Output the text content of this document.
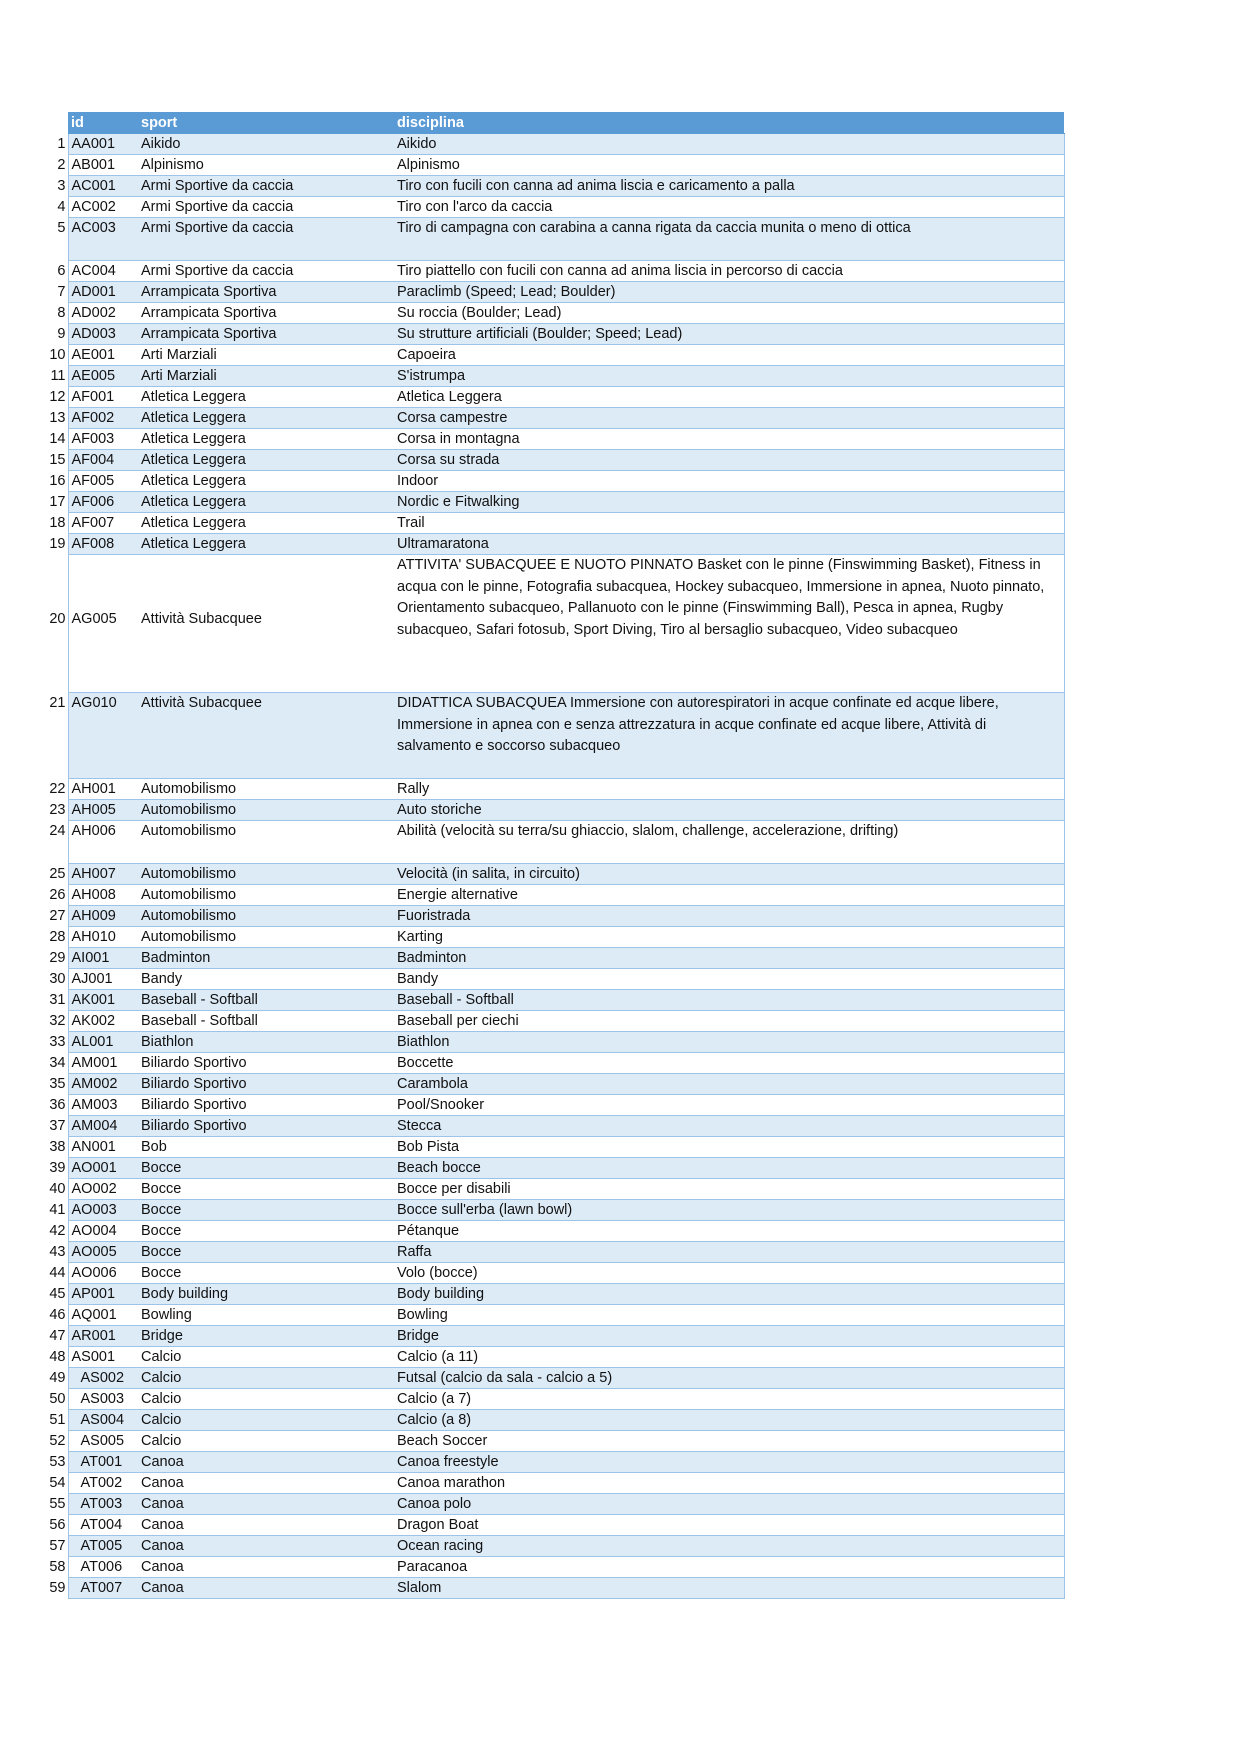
	id	sport	disciplina
1	AA001	Aikido	Aikido
2	AB001	Alpinismo	Alpinismo
3	AC001	Armi Sportive da caccia	Tiro con fucili con canna ad anima liscia e caricamento a palla
4	AC002	Armi Sportive da caccia	Tiro con l'arco da caccia
5	AC003	Armi Sportive da caccia	Tiro di campagna con carabina a canna rigata da caccia munita o meno di ottica
6	AC004	Armi Sportive da caccia	Tiro piattello con fucili con canna ad anima liscia in percorso di caccia
7	AD001	Arrampicata Sportiva	Paraclimb (Speed; Lead; Boulder)
8	AD002	Arrampicata Sportiva	Su roccia (Boulder; Lead)
9	AD003	Arrampicata Sportiva	Su strutture artificiali (Boulder; Speed; Lead)
10	AE001	Arti Marziali	Capoeira
11	AE005	Arti Marziali	S'istrumpa
12	AF001	Atletica Leggera	Atletica Leggera
13	AF002	Atletica Leggera	Corsa campestre
14	AF003	Atletica Leggera	Corsa in montagna
15	AF004	Atletica Leggera	Corsa su strada
16	AF005	Atletica Leggera	Indoor
17	AF006	Atletica Leggera	Nordic e Fitwalking
18	AF007	Atletica Leggera	Trail
19	AF008	Atletica Leggera	Ultramaratona
20	AG005	Attività Subacquee	ATTIVITA' SUBACQUEE E NUOTO PINNATO Basket con le pinne (Finswimming Basket), Fitness in acqua con le pinne, Fotografia subacquea, Hockey subacqueo, Immersione in apnea, Nuoto pinnato, Orientamento subacqueo, Pallanuoto con le pinne (Finswimming Ball), Pesca in apnea, Rugby subacqueo, Safari fotosub, Sport Diving, Tiro al bersaglio subacqueo, Video subacqueo
21	AG010	Attività Subacquee	DIDATTICA SUBACQUEA Immersione con autorespiratori in acque confinate ed acque libere, Immersione in apnea con e senza attrezzatura in acque confinate ed acque libere, Attività di salvamento e soccorso subacqueo
22	AH001	Automobilismo	Rally
23	AH005	Automobilismo	Auto storiche
24	AH006	Automobilismo	Abilità (velocità su terra/su ghiaccio, slalom, challenge, accelerazione, drifting)
25	AH007	Automobilismo	Velocità (in salita, in circuito)
26	AH008	Automobilismo	Energie alternative
27	AH009	Automobilismo	Fuoristrada
28	AH010	Automobilismo	Karting
29	AI001	Badminton	Badminton
30	AJ001	Bandy	Bandy
31	AK001	Baseball - Softball	Baseball - Softball
32	AK002	Baseball - Softball	Baseball per ciechi
33	AL001	Biathlon	Biathlon
34	AM001	Biliardo Sportivo	Boccette
35	AM002	Biliardo Sportivo	Carambola
36	AM003	Biliardo Sportivo	Pool/Snooker
37	AM004	Biliardo Sportivo	Stecca
38	AN001	Bob	Bob Pista
39	AO001	Bocce	Beach bocce
40	AO002	Bocce	Bocce per disabili
41	AO003	Bocce	Bocce sull'erba (lawn bowl)
42	AO004	Bocce	Pétanque
43	AO005	Bocce	Raffa
44	AO006	Bocce	Volo (bocce)
45	AP001	Body building	Body building
46	AQ001	Bowling	Bowling
47	AR001	Bridge	Bridge
48	AS001	Calcio	Calcio (a 11)
49	AS002	Calcio	Futsal (calcio da sala - calcio a 5)
50	AS003	Calcio	Calcio (a 7)
51	AS004	Calcio	Calcio (a 8)
52	AS005	Calcio	Beach Soccer
53	AT001	Canoa	Canoa freestyle
54	AT002	Canoa	Canoa marathon
55	AT003	Canoa	Canoa polo
56	AT004	Canoa	Dragon Boat
57	AT005	Canoa	Ocean racing
58	AT006	Canoa	Paracanoa
59	AT007	Canoa	Slalom
